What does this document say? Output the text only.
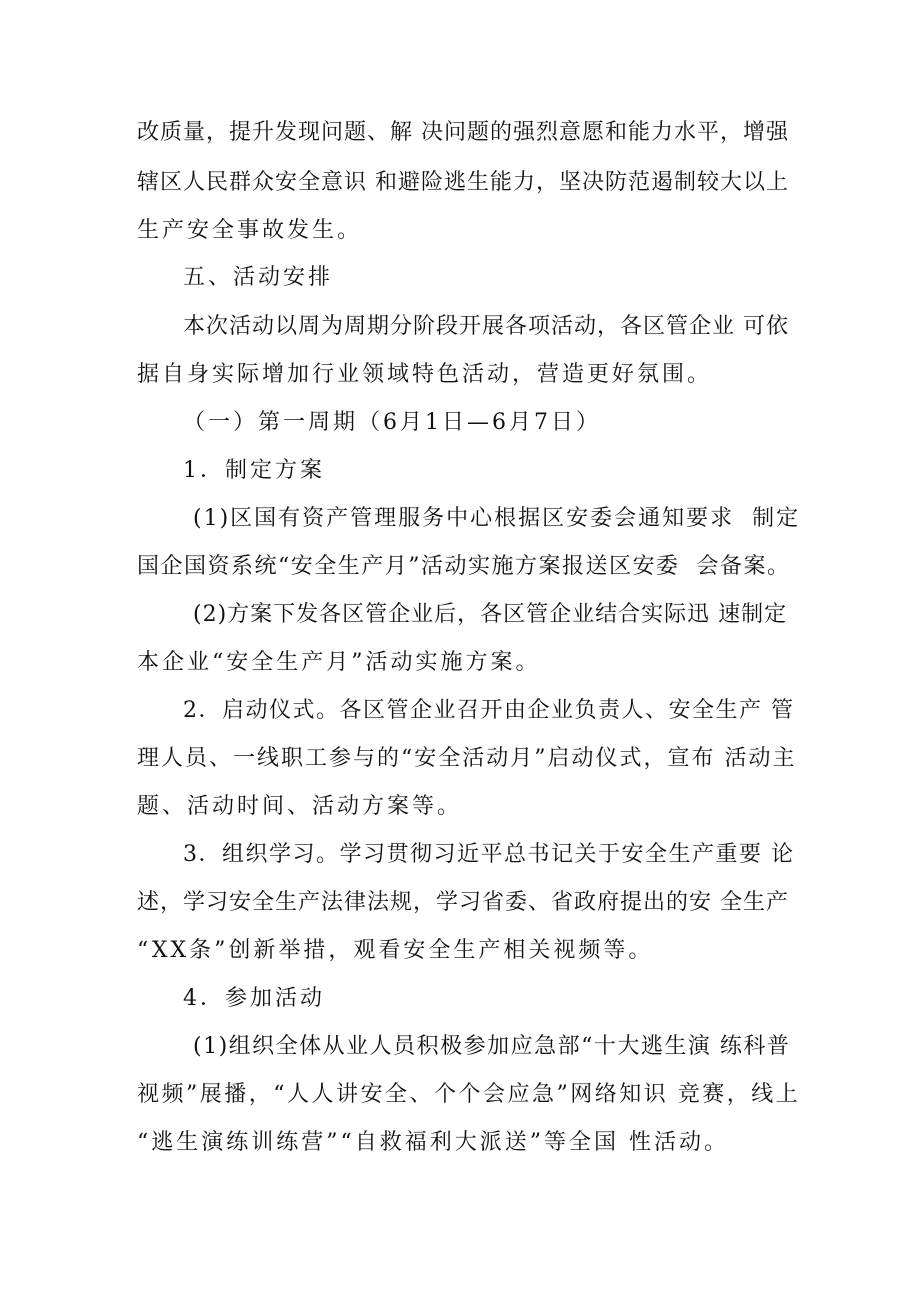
改质量，提升发现问题、解 决问题的强烈意愿和能力水平，增强
辖区人民群众安全意识 和避险逃生能力，坚决防范遏制较大以上
生产安全事故发生。
五、活动安排
本次活动以周为周期分阶段开展各项活动，各区管企业 可依
据自身实际增加行业领域特色活动，营造更好氛围。
（一）第一周期（6月1日—6月7日）
1．制定方案
(1)区国有资产管理服务中心根据区安委会通知要求  制定
国企国资系统“安全生产月”活动实施方案报送区安委  会备案。
(2)方案下发各区管企业后，各区管企业结合实际迅 速制定
本企业“安全生产月”活动实施方案。
2．启动仪式。各区管企业召开由企业负责人、安全生产 管
理人员、一线职工参与的“安全活动月”启动仪式，宣布 活动主
题、活动时间、活动方案等。
3．组织学习。学习贯彻习近平总书记关于安全生产重要 论
述，学习安全生产法律法规，学习省委、省政府提出的安 全生产
“XX条”创新举措，观看安全生产相关视频等。
4．参加活动
(1)组织全体从业人员积极参加应急部“十大逃生演 练科普
视频”展播，“人人讲安全、个个会应急”网络知识 竞赛，线上
“逃生演练训练营”“自救福利大派送”等全国 性活动。
